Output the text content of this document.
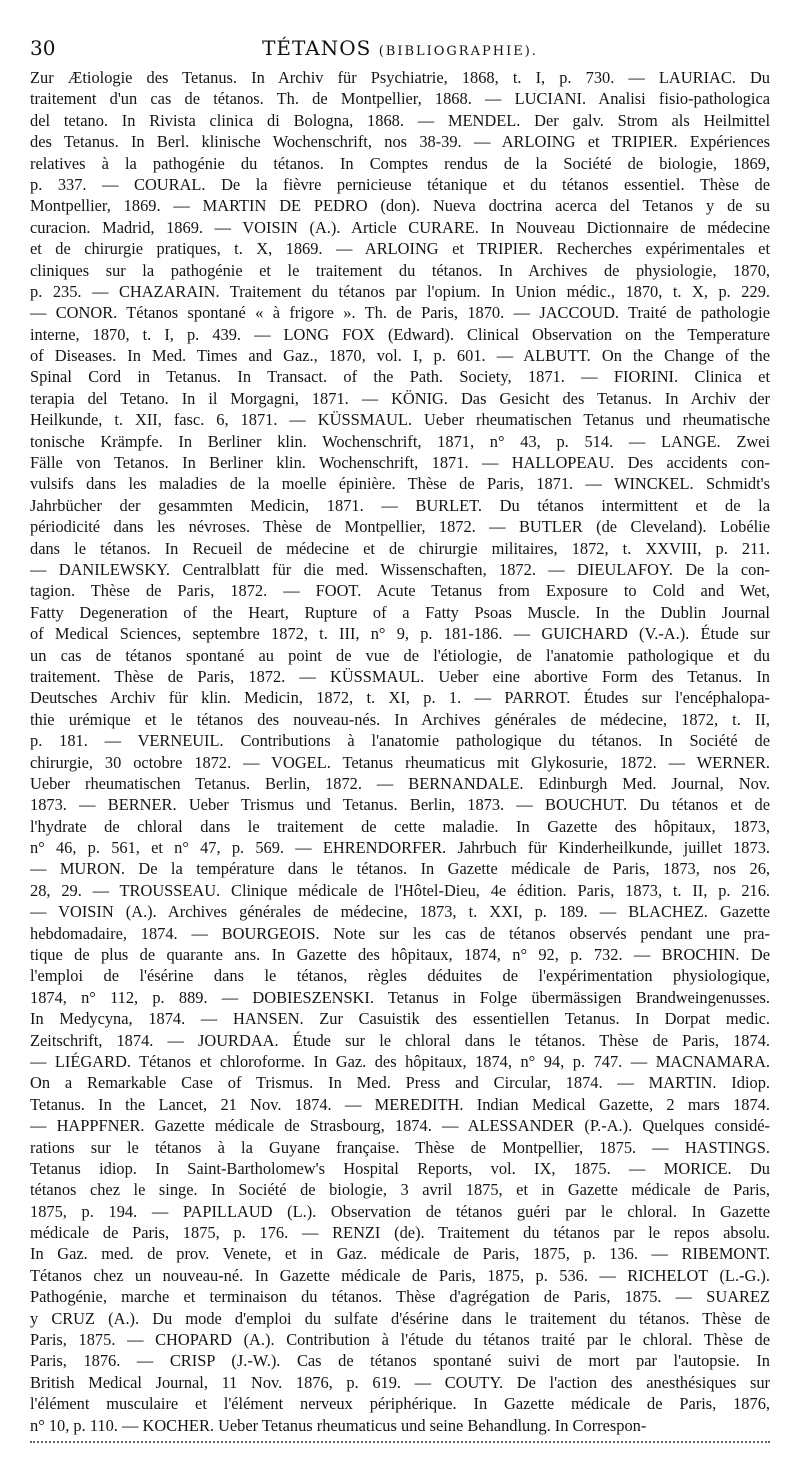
30	TÉTANOS (BIBLIOGRAPHIE).
Zur Ætiologie des Tetanus. In Archiv für Psychiatrie, 1868, t. I, p. 730. — LAURIAC. Du
traitement d'un cas de tétanos. Th. de Montpellier, 1868. — LUCIANI. Analisi fisio-pathologica
del tetano. In Rivista clinica di Bologna, 1868. — MENDEL. Der galv. Strom als Heilmittel
des Tetanus. In Berl. klinische Wochenschrift, nos 38-39. — ARLOING et TRIPIER. Expériences
relatives à la pathogénie du tétanos. In Comptes rendus de la Société de biologie, 1869,
p. 337. — COURAL. De la fièvre pernicieuse tétanique et du tétanos essentiel. Thèse de
Montpellier, 1869. — MARTIN DE PEDRO (don). Nueva doctrina acerca del Tetanos y de su
curacion. Madrid, 1869. — VOISIN (A.). Article CURARE. In Nouveau Dictionnaire de médecine
et de chirurgie pratiques, t. X, 1869. — ARLOING et TRIPIER. Recherches expérimentales et
cliniques sur la pathogénie et le traitement du tétanos. In Archives de physiologie, 1870,
p. 235. — CHAZARAIN. Traitement du tétanos par l'opium. In Union médic., 1870, t. X, p. 229.
— CONOR. Tétanos spontané « à frigore ». Th. de Paris, 1870. — JACCOUD. Traité de pathologie
interne, 1870, t. I, p. 439. — LONG FOX (Edward). Clinical Observation on the Temperature
of Diseases. In Med. Times and Gaz., 1870, vol. I, p. 601. — ALBUTT. On the Change of the
Spinal Cord in Tetanus. In Transact. of the Path. Society, 1871. — FIORINI. Clinica et
terapia del Tetano. In il Morgagni, 1871. — KÖNIG. Das Gesicht des Tetanus. In Archiv der
Heilkunde, t. XII, fasc. 6, 1871. — KÜSSMAUL. Ueber rheumatischen Tetanus und rheumatische
tonische Krämpfe. In Berliner klin. Wochenschrift, 1871, n° 43, p. 514. — LANGE. Zwei
Fälle von Tetanos. In Berliner klin. Wochenschrift, 1871. — HALLOPEAU. Des accidents con-
vulsifs dans les maladies de la moelle épinière. Thèse de Paris, 1871. — WINCKEL. Schmidt's
Jahrbücher der gesammten Medicin, 1871. — BURLET. Du tétanos intermittent et de la
périodicité dans les névroses. Thèse de Montpellier, 1872. — BUTLER (de Cleveland). Lobélie
dans le tétanos. In Recueil de médecine et de chirurgie militaires, 1872, t. XXVIII, p. 211.
— DANILEWSKY. Centralblatt für die med. Wissenschaften, 1872. — DIEULAFOY. De la con-
tagion. Thèse de Paris, 1872. — FOOT. Acute Tetanus from Exposure to Cold and Wet,
Fatty Degeneration of the Heart, Rupture of a Fatty Psoas Muscle. In the Dublin Journal
of Medical Sciences, septembre 1872, t. III, n° 9, p. 181-186. — GUICHARD (V.-A.). Étude sur
un cas de tétanos spontané au point de vue de l'étiologie, de l'anatomie pathologique et du
traitement. Thèse de Paris, 1872. — KÜSSMAUL. Ueber eine abortive Form des Tetanus. In
Deutsches Archiv für klin. Medicin, 1872, t. XI, p. 1. — PARROT. Études sur l'encéphalopa-
thie urémique et le tétanos des nouveau-nés. In Archives générales de médecine, 1872, t. II,
p. 181. — VERNEUIL. Contributions à l'anatomie pathologique du tétanos. In Société de
chirurgie, 30 octobre 1872. — VOGEL. Tetanus rheumaticus mit Glykosurie, 1872. — WERNER.
Ueber rheumatischen Tetanus. Berlin, 1872. — BERNANDALE. Edinburgh Med. Journal, Nov.
1873. — BERNER. Ueber Trismus und Tetanus. Berlin, 1873. — BOUCHUT. Du tétanos et de
l'hydrate de chloral dans le traitement de cette maladie. In Gazette des hôpitaux, 1873,
n° 46, p. 561, et n° 47, p. 569. — EHRENDORFER. Jahrbuch für Kinderheilkunde, juillet 1873.
— MURON. De la température dans le tétanos. In Gazette médicale de Paris, 1873, nos 26,
28, 29. — TROUSSEAU. Clinique médicale de l'Hôtel-Dieu, 4e édition. Paris, 1873, t. II, p. 216.
— VOISIN (A.). Archives générales de médecine, 1873, t. XXI, p. 189. — BLACHEZ. Gazette
hebdomadaire, 1874. — BOURGEOIS. Note sur les cas de tétanos observés pendant une pra-
tique de plus de quarante ans. In Gazette des hôpitaux, 1874, n° 92, p. 732. — BROCHIN. De
l'emploi de l'ésérine dans le tétanos, règles déduites de l'expérimentation physiologique,
1874, n° 112, p. 889. — DOBIESZENSKI. Tetanus in Folge übermässigen Brandweingenusses.
In Medycyna, 1874. — HANSEN. Zur Casuistik des essentiellen Tetanus. In Dorpat medic.
Zeitschrift, 1874. — JOURDAA. Étude sur le chloral dans le tétanos. Thèse de Paris, 1874.
— LIÉGARD. Tétanos et chloroforme. In Gaz. des hôpitaux, 1874, n° 94, p. 747. — MACNAMARA.
On a Remarkable Case of Trismus. In Med. Press and Circular, 1874. — MARTIN. Idiop.
Tetanus. In the Lancet, 21 Nov. 1874. — MEREDITH. Indian Medical Gazette, 2 mars 1874.
— HAPPFNER. Gazette médicale de Strasbourg, 1874. — ALESSANDER (P.-A.). Quelques considé-
rations sur le tétanos à la Guyane française. Thèse de Montpellier, 1875. — HASTINGS.
Tetanus idiop. In Saint-Bartholomew's Hospital Reports, vol. IX, 1875. — MORICE. Du
tétanos chez le singe. In Société de biologie, 3 avril 1875, et in Gazette médicale de Paris,
1875, p. 194. — PAPILLAUD (L.). Observation de tétanos guéri par le chloral. In Gazette
médicale de Paris, 1875, p. 176. — RENZI (de). Traitement du tétanos par le repos absolu.
In Gaz. med. de prov. Venete, et in Gaz. médicale de Paris, 1875, p. 136. — RIBEMONT.
Tétanos chez un nouveau-né. In Gazette médicale de Paris, 1875, p. 536. — RICHELOT (L.-G.).
Pathogénie, marche et terminaison du tétanos. Thèse d'agrégation de Paris, 1875. — SUAREZ
y CRUZ (A.). Du mode d'emploi du sulfate d'ésérine dans le traitement du tétanos. Thèse de
Paris, 1875. — CHOPARD (A.). Contribution à l'étude du tétanos traité par le chloral. Thèse de
Paris, 1876. — CRISP (J.-W.). Cas de tétanos spontané suivi de mort par l'autopsie. In
British Medical Journal, 11 Nov. 1876, p. 619. — COUTY. De l'action des anesthésiques sur
l'élément musculaire et l'élément nerveux périphérique. In Gazette médicale de Paris, 1876,
n° 10, p. 110. — KOCHER. Ueber Tetanus rheumaticus und seine Behandlung. In Correspon-
